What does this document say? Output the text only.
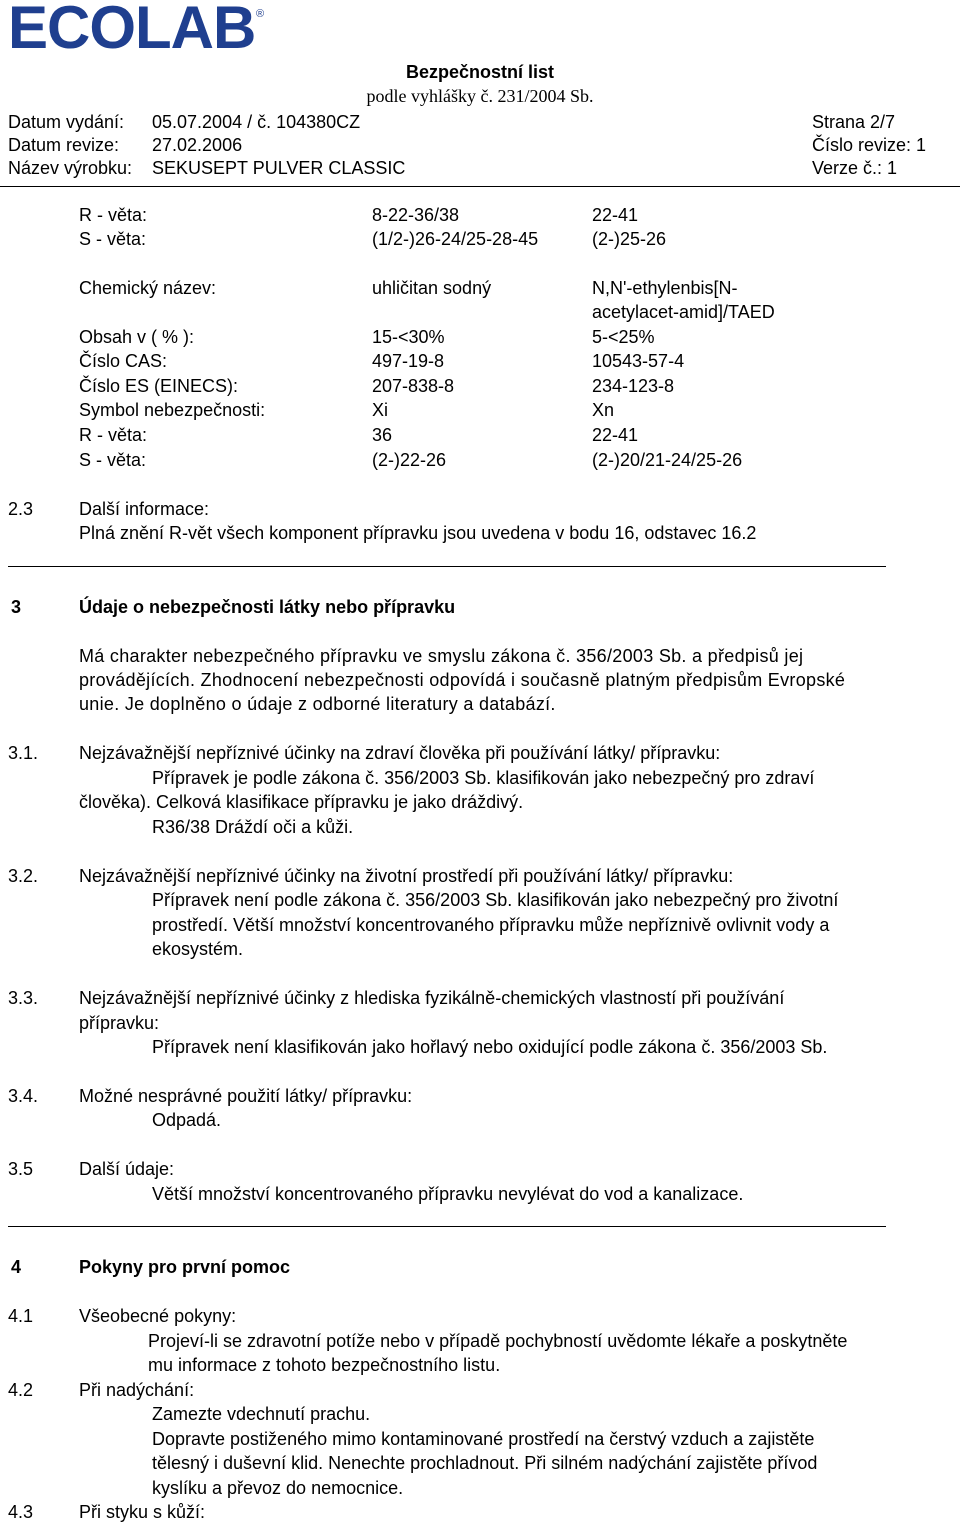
ECOLAB ®
Bezpečnostní list
podle vyhlášky č. 231/2004 Sb.
Datum vydání: 05.07.2004 / č. 104380CZ	Strana 2/7
Datum revize: 27.02.2006	Číslo revize: 1
Název výrobku: SEKUSEPT PULVER CLASSIC	Verze č.: 1
R - věta:	8-22-36/38	22-41
S - věta:	(1/2-)26-24/25-28-45	(2-)25-26
Chemický název:	uhličitan sodný	N,N'-ethylenbis[N-
acetylacet-amid]/TAED
Obsah v ( % ):	15-<30%	5-<25%
Číslo CAS:	497-19-8	10543-57-4
Číslo ES (EINECS):	207-838-8	234-123-8
Symbol nebezpečnosti:	Xi	Xn
R - věta:	36	22-41
S - věta:	(2-)22-26	(2-)20/21-24/25-26
2.3	Další informace:
Plná znění R-vět všech komponent přípravku jsou uvedena v bodu 16, odstavec 16.2
3	Údaje o nebezpečnosti látky nebo přípravku
Má charakter nebezpečného přípravku ve smyslu zákona č. 356/2003 Sb. a předpisů jej
provádějících. Zhodnocení nebezpečnosti odpovídá i současně platným předpisům Evropské
unie. Je doplněno o údaje z odborné literatury a databází.
3.1. Nejzávažnější nepříznivé účinky na zdraví člověka při používání látky/ přípravku:
Přípravek je podle zákona č. 356/2003 Sb. klasifikován jako nebezpečný pro zdraví
člověka). Celková klasifikace přípravku je jako dráždivý.
R36/38 Dráždí oči a kůži.
3.2. Nejzávažnější nepříznivé účinky na životní prostředí při používání látky/ přípravku:
Přípravek není podle zákona č. 356/2003 Sb. klasifikován jako nebezpečný pro životní
prostředí. Větší množství koncentrovaného přípravku může nepříznivě ovlivnit vody a
ekosystém.
3.3. Nejzávažnější nepříznivé účinky z hlediska fyzikálně-chemických vlastností při používání
přípravku:
Přípravek není klasifikován jako hořlavý nebo oxidující podle zákona č. 356/2003 Sb.
3.4. Možné nesprávné použití látky/ přípravku:
Odpadá.
3.5	Další údaje:
Větší množství koncentrovaného přípravku nevylévat do vod a kanalizace.
4	Pokyny pro první pomoc
4.1	Všeobecné pokyny:
Projeví-li se zdravotní potíže nebo v případě pochybností uvědomte lékaře a poskytněte
mu informace z tohoto bezpečnostního listu.
4.2	Při nadýchání:
Zamezte vdechnutí prachu.
Dopravte postiženého mimo kontaminované prostředí na čerstvý vzduch a zajistěte
tělesný i duševní klid. Nenechte prochladnout. Při silném nadýchání zajistěte přívod
kyslíku a převoz do nemocnice.
4.3	Při styku s kůží:
